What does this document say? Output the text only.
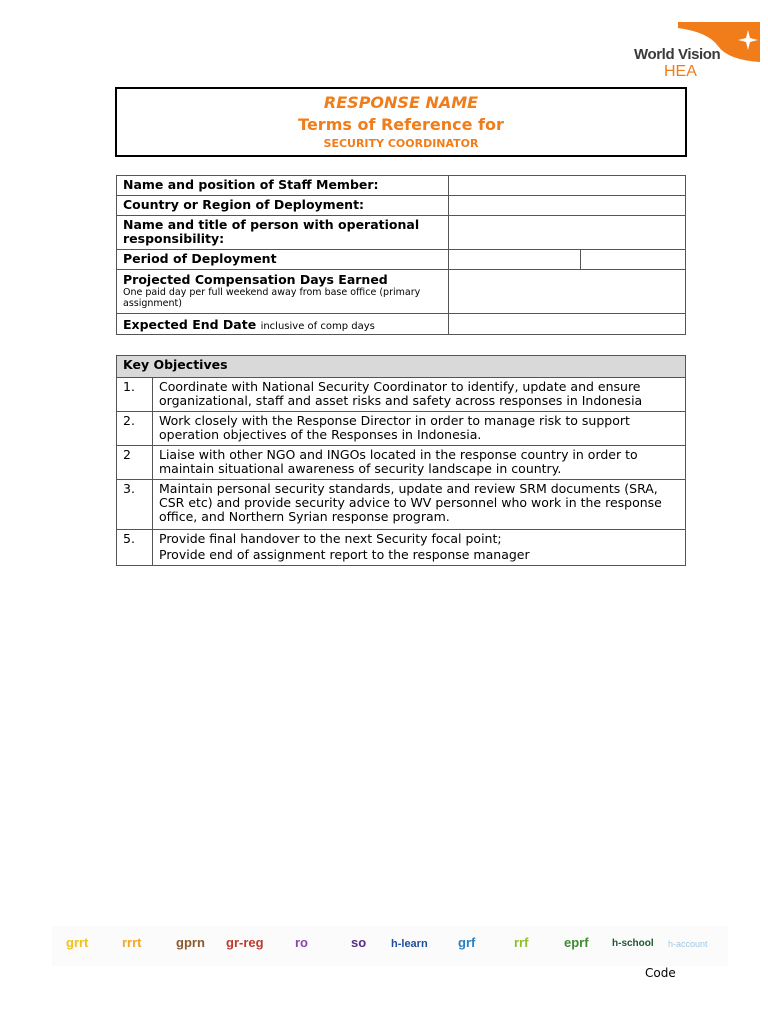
World Vision
HEA
RESPONSE NAME
Terms of Reference for
SECURITY COORDINATOR
Name and position of Staff Member:		
Country or Region of Deployment:		
Name and title of person with operational responsibility:		
Period of Deployment		

Projected Compensation Days Earned
One paid day per full weekend away from base office (primary assignment)		

Expected End Date inclusive of comp days		
Key Objectives	
1.	Coordinate with National Security Coordinator to identify, update and ensure organizational, staff and asset risks and safety across responses in Indonesia
2.	Work closely with the Response Director in order to manage risk to support operation objectives of the Responses in Indonesia.
2	Liaise with other NGO and INGOs located in the response country in order to maintain situational awareness of security landscape in country.
3.	Maintain personal security standards, update and review SRM documents (SRA, CSR etc) and provide security advice to WV personnel who work in the response office, and Northern Syrian response program.
5.	Provide final handover to the next Security focal point;
Provide end of assignment report to the response manager
grrt	rrrt	gprn gr-reg ro	so h-learn grf	rrf	eprf h-school h-account
Code
